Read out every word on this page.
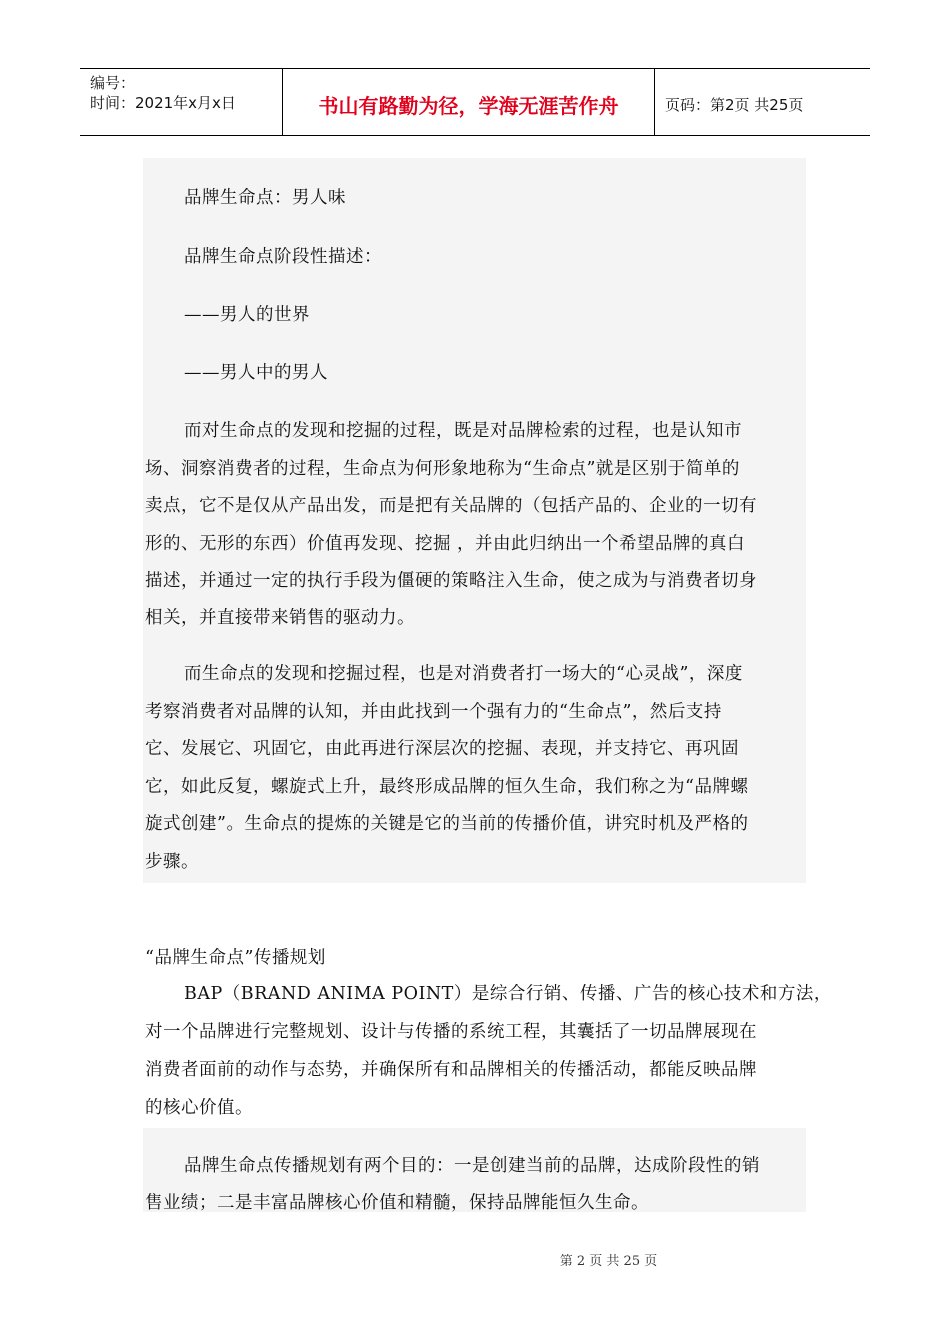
编号：
时间：2021年x月x日	书山有路勤为径，学海无涯苦作舟	页码：第2页 共25页
品牌生命点：男人味
品牌生命点阶段性描述：
——男人的世界
——男人中的男人
而对生命点的发现和挖掘的过程，既是对品牌检索的过程，也是认知市
场、洞察消费者的过程，生命点为何形象地称为“生命点”就是区别于简单的
卖点，它不是仅从产品出发，而是把有关品牌的（包括产品的、企业的一切有
形的、无形的东西）价值再发现、挖掘 ，并由此归纳出一个希望品牌的真白
描述，并通过一定的执行手段为僵硬的策略注入生命，使之成为与消费者切身
相关，并直接带来销售的驱动力。
而生命点的发现和挖掘过程，也是对消费者打一场大的“心灵战”，深度
考察消费者对品牌的认知，并由此找到一个强有力的“生命点”，然后支持
它、发展它、巩固它，由此再进行深层次的挖掘、表现，并支持它、再巩固
它，如此反复，螺旋式上升，最终形成品牌的恒久生命，我们称之为“品牌螺
旋式创建”。生命点的提炼的关键是它的当前的传播价值，讲究时机及严格的
步骤。
“品牌生命点”传播规划
BAP（BRAND ANIMA POINT）是综合行销、传播、广告的核心技术和方法，
对一个品牌进行完整规划、设计与传播的系统工程，其囊括了一切品牌展现在
消费者面前的动作与态势，并确保所有和品牌相关的传播活动，都能反映品牌
的核心价值。
品牌生命点传播规划有两个目的：一是创建当前的品牌，达成阶段性的销
售业绩；二是丰富品牌核心价值和精髓，保持品牌能恒久生命。
第 2 页 共 25 页
